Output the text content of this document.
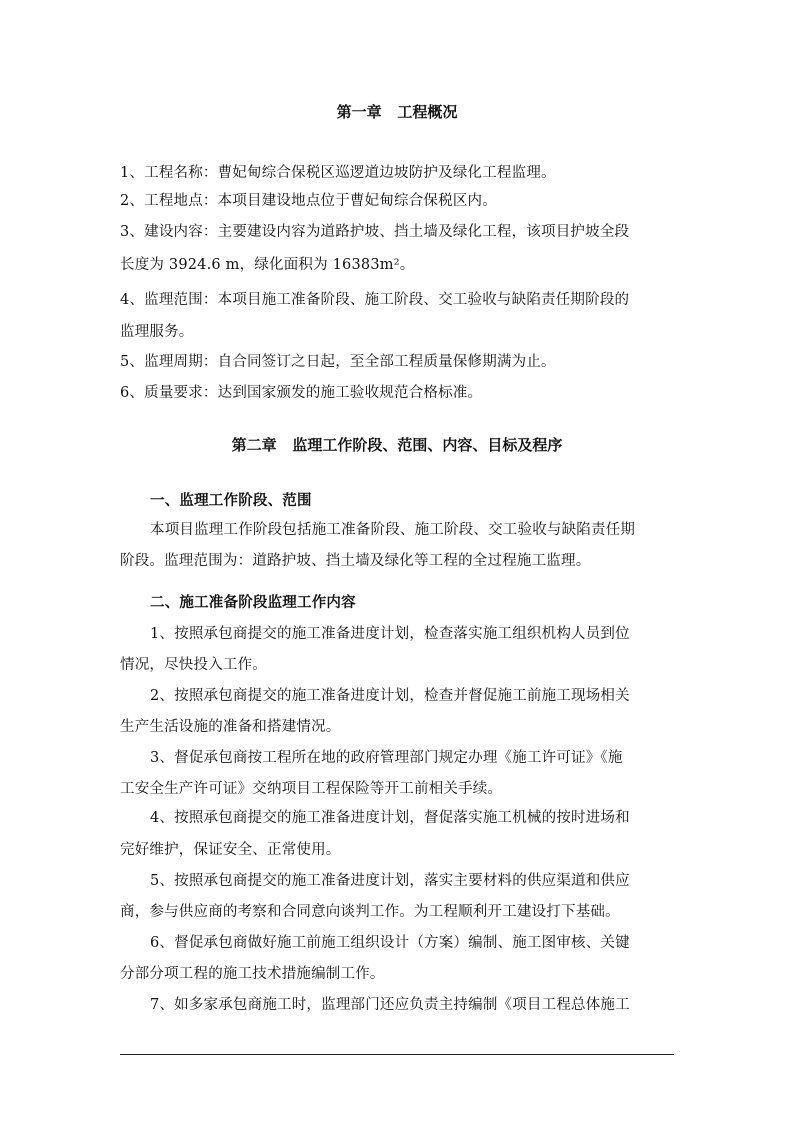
第一章   工程概况
1、工程名称：曹妃甸综合保税区巡逻道边坡防护及绿化工程监理。
2、工程地点：本项目建设地点位于曹妃甸综合保税区内。
3、建设内容：主要建设内容为道路护坡、挡土墙及绿化工程，该项目护坡全段
长度为 3924.6 m，绿化面积为 16383m²。
4、监理范围：本项目施工准备阶段、施工阶段、交工验收与缺陷责任期阶段的
监理服务。
5、监理周期：自合同签订之日起，至全部工程质量保修期满为止。
6、质量要求：达到国家颁发的施工验收规范合格标准。
第二章   监理工作阶段、范围、内容、目标及程序
一、监理工作阶段、范围
本项目监理工作阶段包括施工准备阶段、施工阶段、交工验收与缺陷责任期
阶段。监理范围为：道路护坡、挡土墙及绿化等工程的全过程施工监理。
二、施工准备阶段监理工作内容
1、按照承包商提交的施工准备进度计划，检查落实施工组织机构人员到位
情况，尽快投入工作。
2、按照承包商提交的施工准备进度计划，检查并督促施工前施工现场相关
生产生活设施的准备和搭建情况。
3、督促承包商按工程所在地的政府管理部门规定办理《施工许可证》《施
工安全生产许可证》交纳项目工程保险等开工前相关手续。
4、按照承包商提交的施工准备进度计划，督促落实施工机械的按时进场和
完好维护，保证安全、正常使用。
5、按照承包商提交的施工准备进度计划，落实主要材料的供应渠道和供应
商，参与供应商的考察和合同意向谈判工作。为工程顺利开工建设打下基础。
6、督促承包商做好施工前施工组织设计（方案）编制、施工图审核、关键
分部分项工程的施工技术措施编制工作。
7、如多家承包商施工时，监理部门还应负责主持编制《项目工程总体施工
